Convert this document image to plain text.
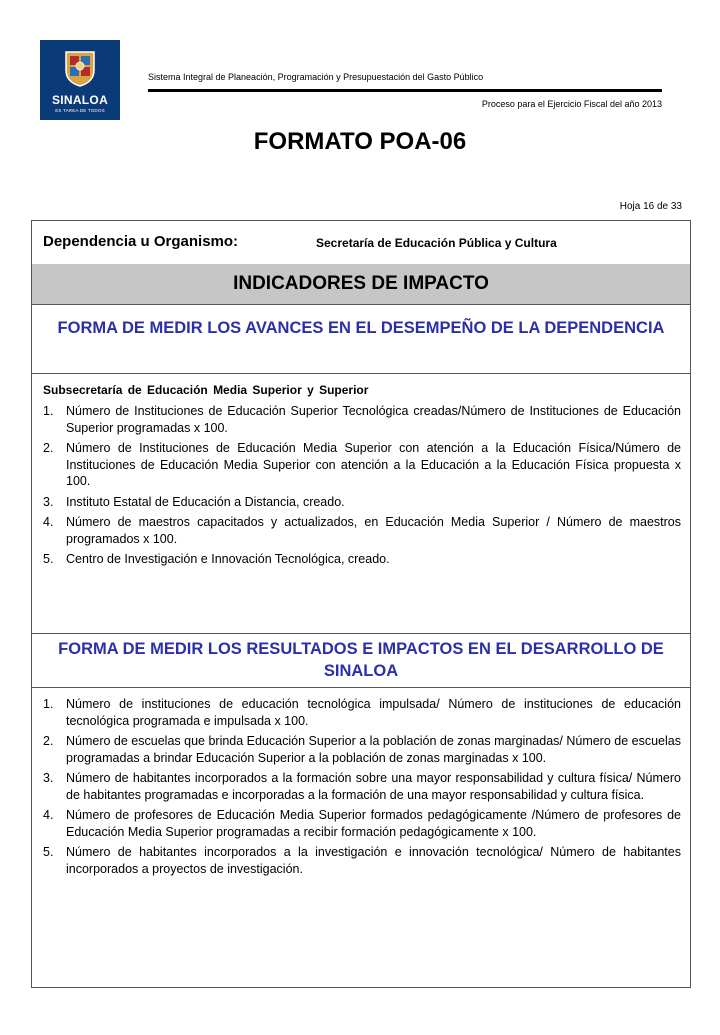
SINALOA
ES TAREA DE TODOS
Sistema Integral de Planeación, Programación y Presupuestación del Gasto Público
Proceso para el Ejercicio Fiscal del año 2013
FORMATO POA-06
Hoja 16 de 33
Dependencia u Organismo:	Secretaría de Educación Pública y Cultura
INDICADORES DE IMPACTO
FORMA DE MEDIR LOS AVANCES EN EL DESEMPEÑO DE LA DEPENDENCIA
Subsecretaría de Educación Media Superior y Superior
1. Número de Instituciones de Educación Superior Tecnológica creadas/Número de Instituciones de Educación Superior programadas x 100.
2. Número de Instituciones de Educación Media Superior con atención a la Educación Física/Número de Instituciones de Educación Media Superior con atención a la Educación a la Educación Física propuesta x 100.
3. Instituto Estatal de Educación a Distancia, creado.
4. Número de maestros capacitados y actualizados, en Educación Media Superior / Número de maestros programados x 100.
5. Centro de Investigación e Innovación Tecnológica, creado.
FORMA DE MEDIR LOS RESULTADOS E IMPACTOS EN EL DESARROLLO DE SINALOA
1. Número de instituciones de educación tecnológica impulsada/ Número de instituciones de educación tecnológica programada e impulsada x 100.
2. Número de escuelas que brinda Educación Superior a la población de zonas marginadas/ Número de escuelas programadas a brindar Educación Superior a la población de zonas marginadas x 100.
3. Número de habitantes incorporados a la formación sobre una mayor responsabilidad y cultura física/ Número de habitantes programadas e incorporadas a la formación de una mayor responsabilidad y cultura física.
4. Número de profesores de Educación Media Superior formados pedagógicamente /Número de profesores de Educación Media Superior programadas a recibir formación pedagógicamente x 100.
5. Número de habitantes incorporados a la investigación e innovación tecnológica/ Número de habitantes incorporados a proyectos de investigación.
